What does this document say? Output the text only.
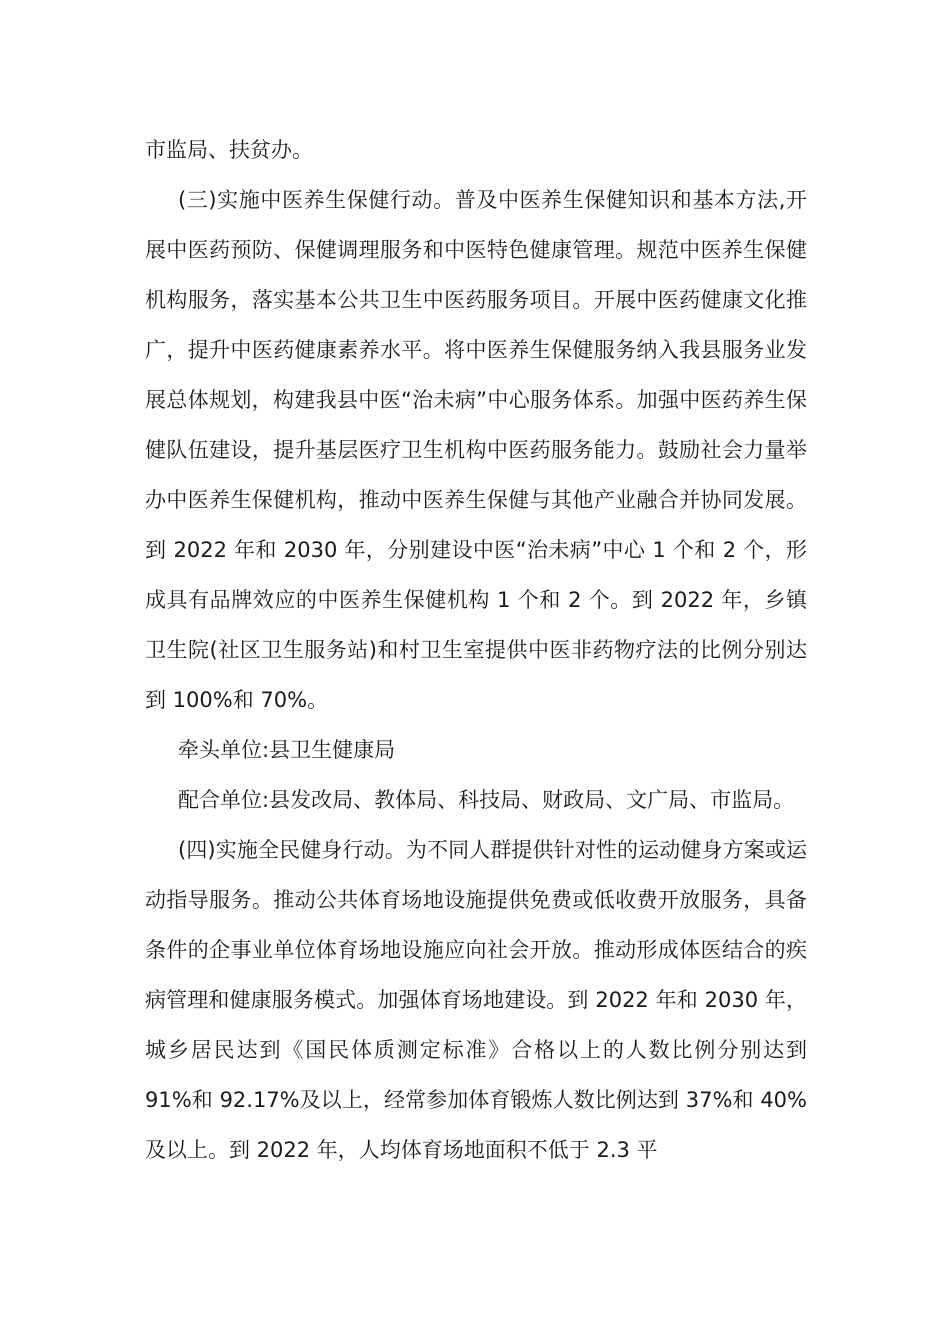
市监局、扶贫办。

(三)实施中医养生保健行动。普及中医养生保健知识和基本方法,开展中医药预防、保健调理服务和中医特色健康管理。规范中医养生保健机构服务，落实基本公共卫生中医药服务项目。开展中医药健康文化推广，提升中医药健康素养水平。将中医养生保健服务纳入我县服务业发展总体规划，构建我县中医“治未病”中心服务体系。加强中医药养生保健队伍建设，提升基层医疗卫生机构中医药服务能力。鼓励社会力量举办中医养生保健机构，推动中医养生保健与其他产业融合并协同发展。到 2022 年和 2030 年，分别建设中医“治未病”中心 1 个和 2 个，形成具有品牌效应的中医养生保健机构 1 个和 2 个。到 2022 年，乡镇卫生院(社区卫生服务站)和村卫生室提供中医非药物疗法的比例分别达到 100%和 70%。

牵头单位:县卫生健康局

配合单位:县发改局、教体局、科技局、财政局、文广局、市监局。

(四)实施全民健身行动。为不同人群提供针对性的运动健身方案或运动指导服务。推动公共体育场地设施提供免费或低收费开放服务，具备条件的企事业单位体育场地设施应向社会开放。推动形成体医结合的疾病管理和健康服务模式。加强体育场地建设。到 2022 年和 2030 年，城乡居民达到《国民体质测定标准》合格以上的人数比例分别达到 91%和 92.17%及以上，经常参加体育锻炼人数比例达到 37%和 40%及以上。到 2022 年，人均体育场地面积不低于 2.3 平
